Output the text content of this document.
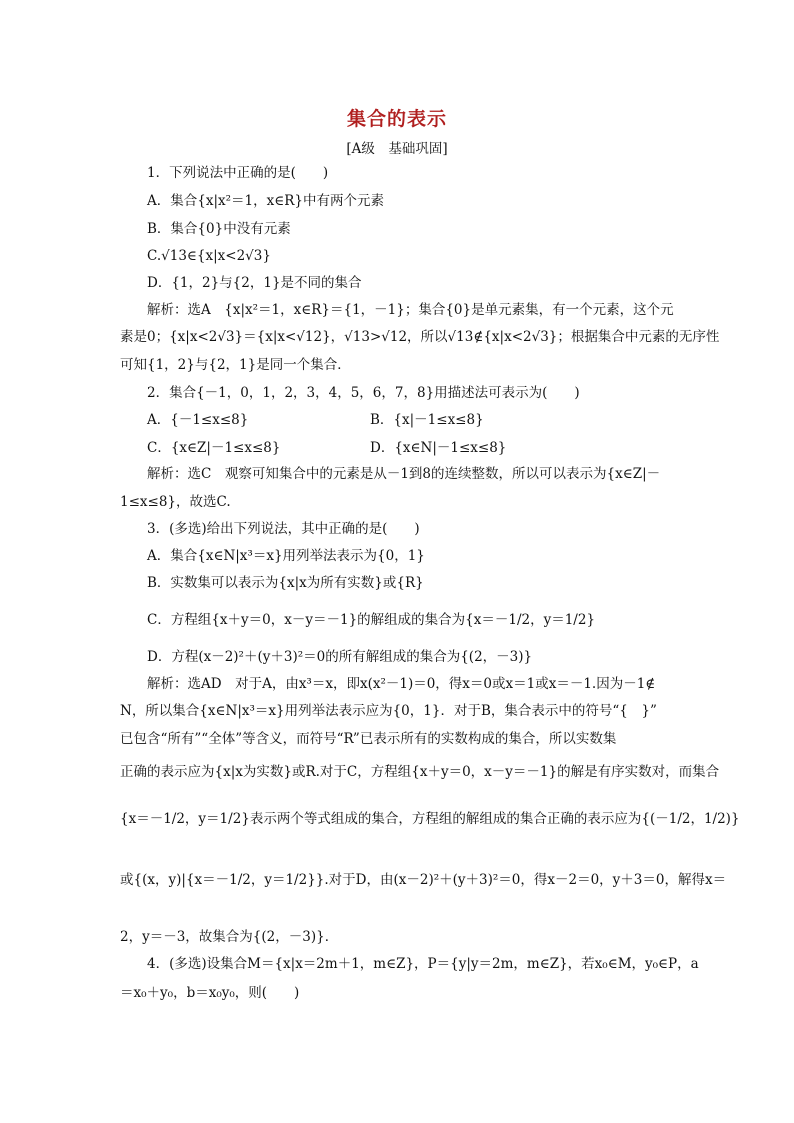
集合的表示
[A级　基础巩固]
1．下列说法中正确的是(　　)
A．集合{x|x²＝1，x∈R}中有两个元素
B．集合{0}中没有元素
C.√13∈{x|x<2√3}
D．{1，2}与{2，1}是不同的集合
解析：选A　{x|x²＝1，x∈R}＝{1，－1}；集合{0}是单元素集，有一个元素，这个元
素是0；{x|x<2√3}＝{x|x<√12}，√13>√12，所以√13∉{x|x<2√3}；根据集合中元素的无序性
可知{1，2}与{2，1}是同一个集合．
2．集合{－1，0，1，2，3，4，5，6，7，8}用描述法可表示为(　　)
A．{－1≤x≤8}	B．{x|－1≤x≤8}
C．{x∈Z|－1≤x≤8}	D．{x∈N|－1≤x≤8}
解析：选C　观察可知集合中的元素是从－1到8的连续整数，所以可以表示为{x∈Z|－
1≤x≤8}，故选C.
3．(多选)给出下列说法，其中正确的是(　　)
A．集合{x∈N|x³＝x}用列举法表示为{0，1}
B．实数集可以表示为{x|x为所有实数}或{R}
C．方程组{x＋y＝0，x－y＝－1}的解组成的集合为{x＝－1/2，y＝1/2}
D．方程(x－2)²＋(y＋3)²＝0的所有解组成的集合为{(2，－3)}
解析：选AD　对于A，由x³＝x，即x(x²－1)＝0，得x＝0或x＝1或x＝－1.因为－1∉
N，所以集合{x∈N|x³＝x}用列举法表示应为{0，1}．对于B，集合表示中的符号“{　}”
已包含“所有”“全体”等含义，而符号“R”已表示所有的实数构成的集合，所以实数集
正确的表示应为{x|x为实数}或R.对于C，方程组{x＋y＝0，x－y＝－1}的解是有序实数对，而集合
{x＝－1/2，y＝1/2}表示两个等式组成的集合，方程组的解组成的集合正确的表示应为{(－1/2，1/2)}
或{(x，y)|{x＝－1/2，y＝1/2}}.对于D，由(x－2)²＋(y＋3)²＝0，得x－2＝0，y＋3＝0，解得x＝
2，y＝－3，故集合为{(2，－3)}．
4．(多选)设集合M＝{x|x＝2m＋1，m∈Z}，P＝{y|y＝2m，m∈Z}，若x₀∈M，y₀∈P，a
＝x₀＋y₀，b＝x₀y₀，则(　　)
